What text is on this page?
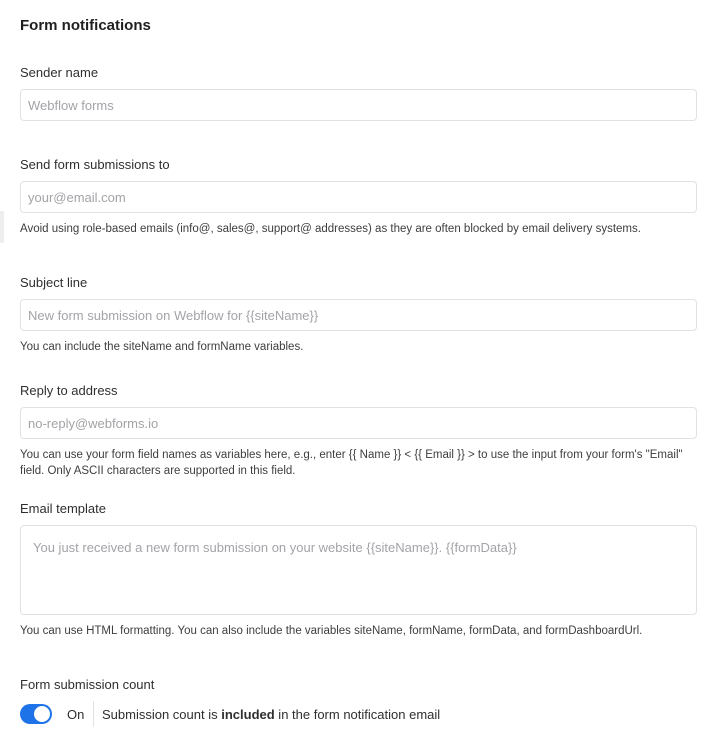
Form notifications
Sender name
Webflow forms
Send form submissions to
your@email.com
Avoid using role-based emails (info@, sales@, support@ addresses) as they are often blocked by email delivery systems.
Subject line
New form submission on Webflow for {{siteName}}
You can include the siteName and formName variables.
Reply to address
no-reply@webforms.io
You can use your form field names as variables here, e.g., enter {{ Name }} < {{ Email }} > to use the input from your form's "Email" field. Only ASCII characters are supported in this field.
Email template
You just received a new form submission on your website {{siteName}}. {{formData}}
You can use HTML formatting. You can also include the variables siteName, formName, formData, and formDashboardUrl.
Form submission count
On Submission count is included in the form notification email
